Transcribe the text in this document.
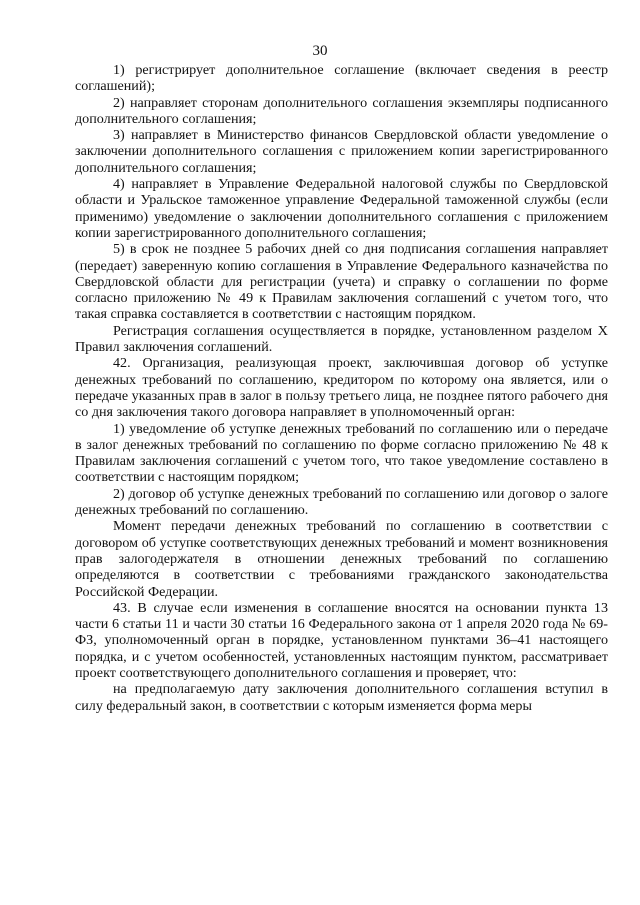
30

1) регистрирует дополнительное соглашение (включает сведения в реестр соглашений);

2) направляет сторонам дополнительного соглашения экземпляры подписанного дополнительного соглашения;

3) направляет в Министерство финансов Свердловской области уведомление о заключении дополнительного соглашения с приложением копии зарегистрированного дополнительного соглашения;

4) направляет в Управление Федеральной налоговой службы по Свердловской области и Уральское таможенное управление Федеральной таможенной службы (если применимо) уведомление о заключении дополнительного соглашения с приложением копии зарегистрированного дополнительного соглашения;

5) в срок не позднее 5 рабочих дней со дня подписания соглашения направляет (передает) заверенную копию соглашения в Управление Федерального казначейства по Свердловской области для регистрации (учета) и справку о соглашении по форме согласно приложению № 49 к Правилам заключения соглашений с учетом того, что такая справка составляется в соответствии с настоящим порядком.

Регистрация соглашения осуществляется в порядке, установленном разделом X Правил заключения соглашений.

42. Организация, реализующая проект, заключившая договор об уступке денежных требований по соглашению, кредитором по которому она является, или о передаче указанных прав в залог в пользу третьего лица, не позднее пятого рабочего дня со дня заключения такого договора направляет в уполномоченный орган:

1) уведомление об уступке денежных требований по соглашению или о передаче в залог денежных требований по соглашению по форме согласно приложению № 48 к Правилам заключения соглашений с учетом того, что такое уведомление составлено в соответствии с настоящим порядком;

2) договор об уступке денежных требований по соглашению или договор о залоге денежных требований по соглашению.

Момент передачи денежных требований по соглашению в соответствии с договором об уступке соответствующих денежных требований и момент возникновения прав залогодержателя в отношении денежных требований по соглашению определяются в соответствии с требованиями гражданского законодательства Российской Федерации.

43. В случае если изменения в соглашение вносятся на основании пункта 13 части 6 статьи 11 и части 30 статьи 16 Федерального закона от 1 апреля 2020 года № 69-ФЗ, уполномоченный орган в порядке, установленном пунктами 36–41 настоящего порядка, и с учетом особенностей, установленных настоящим пунктом, рассматривает проект соответствующего дополнительного соглашения и проверяет, что:

на предполагаемую дату заключения дополнительного соглашения вступил в силу федеральный закон, в соответствии с которым изменяется форма меры
